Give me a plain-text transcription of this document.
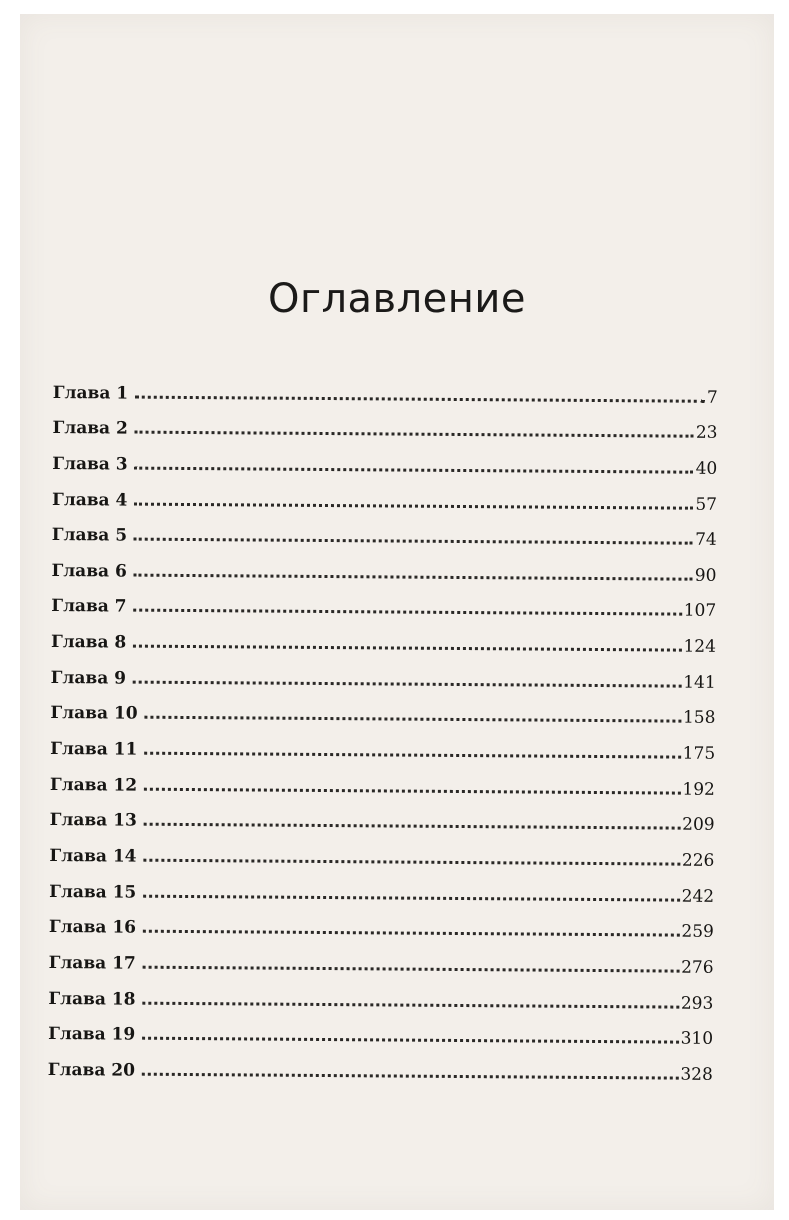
Оглавление
Глава 1	7
Глава 2	23
Глава 3	40
Глава 4	57
Глава 5	74
Глава 6	90
Глава 7	107
Глава 8	124
Глава 9	141
Глава 10	158
Глава 11	175
Глава 12	192
Глава 13	209
Глава 14	226
Глава 15	242
Глава 16	259
Глава 17	276
Глава 18	293
Глава 19	310
Глава 20	328
